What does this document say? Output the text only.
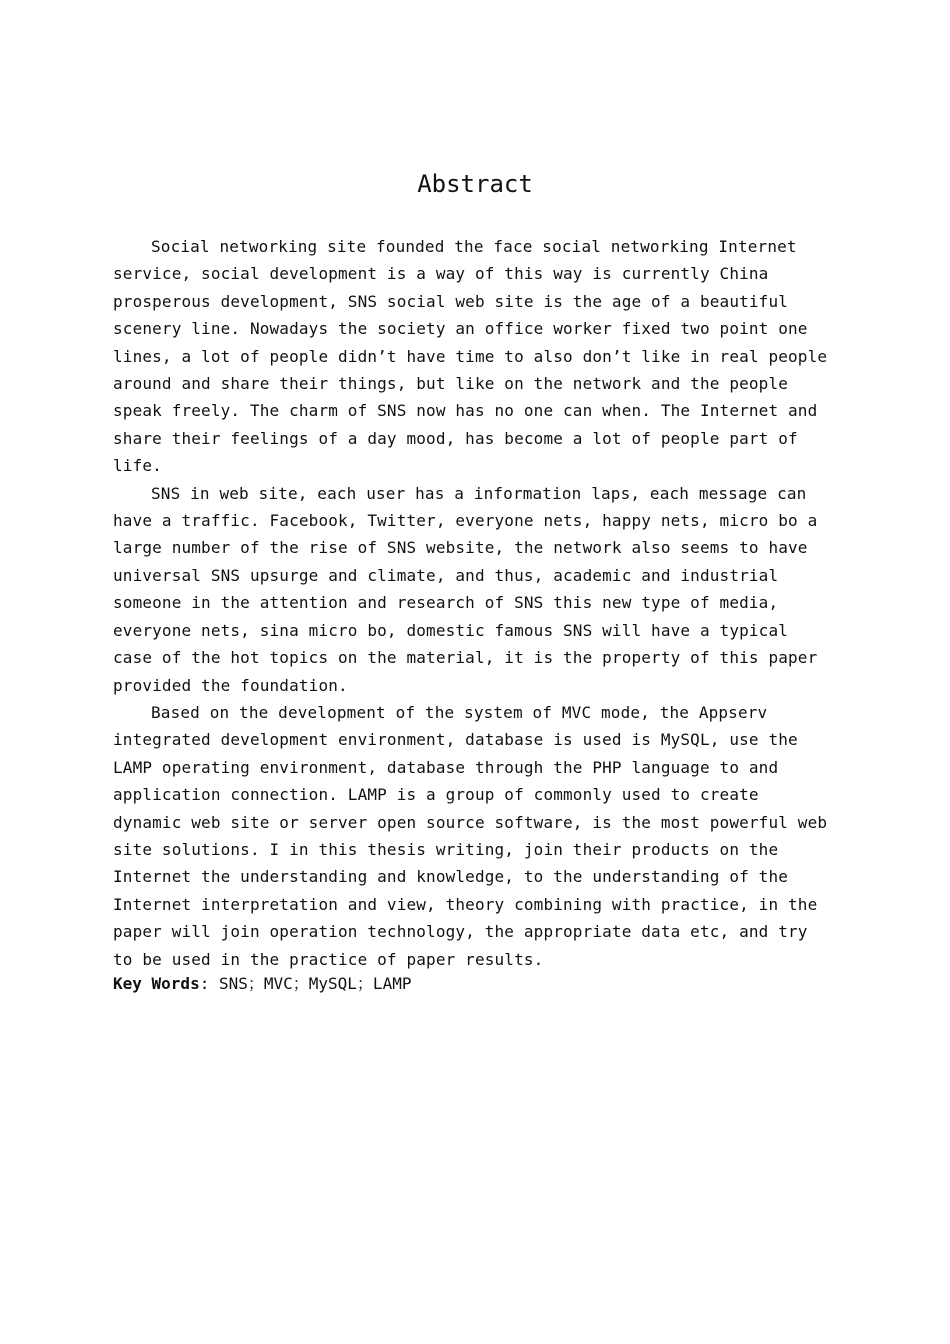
Abstract

Social networking site founded the face social networking Internet service, social development is a way of this way is currently China prosperous development, SNS social web site is the age of a beautiful scenery line. Nowadays the society an office worker fixed two point one lines, a lot of people didn’t have time to also don’t like in real people around and share their things, but like on the network and the people speak freely. The charm of SNS now has no one can when. The Internet and share their feelings of a day mood, has become a lot of people part of life.

SNS in web site, each user has a information laps, each message can have a traffic. Facebook, Twitter, everyone nets, happy nets, micro bo a large number of the rise of SNS website, the network also seems to have universal SNS upsurge and climate, and thus, academic and industrial someone in the attention and research of SNS this new type of media, everyone nets, sina micro bo, domestic famous SNS will have a typical case of the hot topics on the material, it is the property of this paper provided the foundation.

Based on the development of the system of MVC mode, the Appserv integrated development environment, database is used is MySQL, use the LAMP operating environment, database through the PHP language to and application connection. LAMP is a group of commonly used to create dynamic web site or server open source software, is the most powerful web site solutions. I in this thesis writing, join their products on the Internet the understanding and knowledge, to the understanding of the Internet interpretation and view, theory combining with practice, in the paper will join operation technology, the appropriate data etc, and try to be used in the practice of paper results.

Key Words: SNS；MVC；MySQL；LAMP
